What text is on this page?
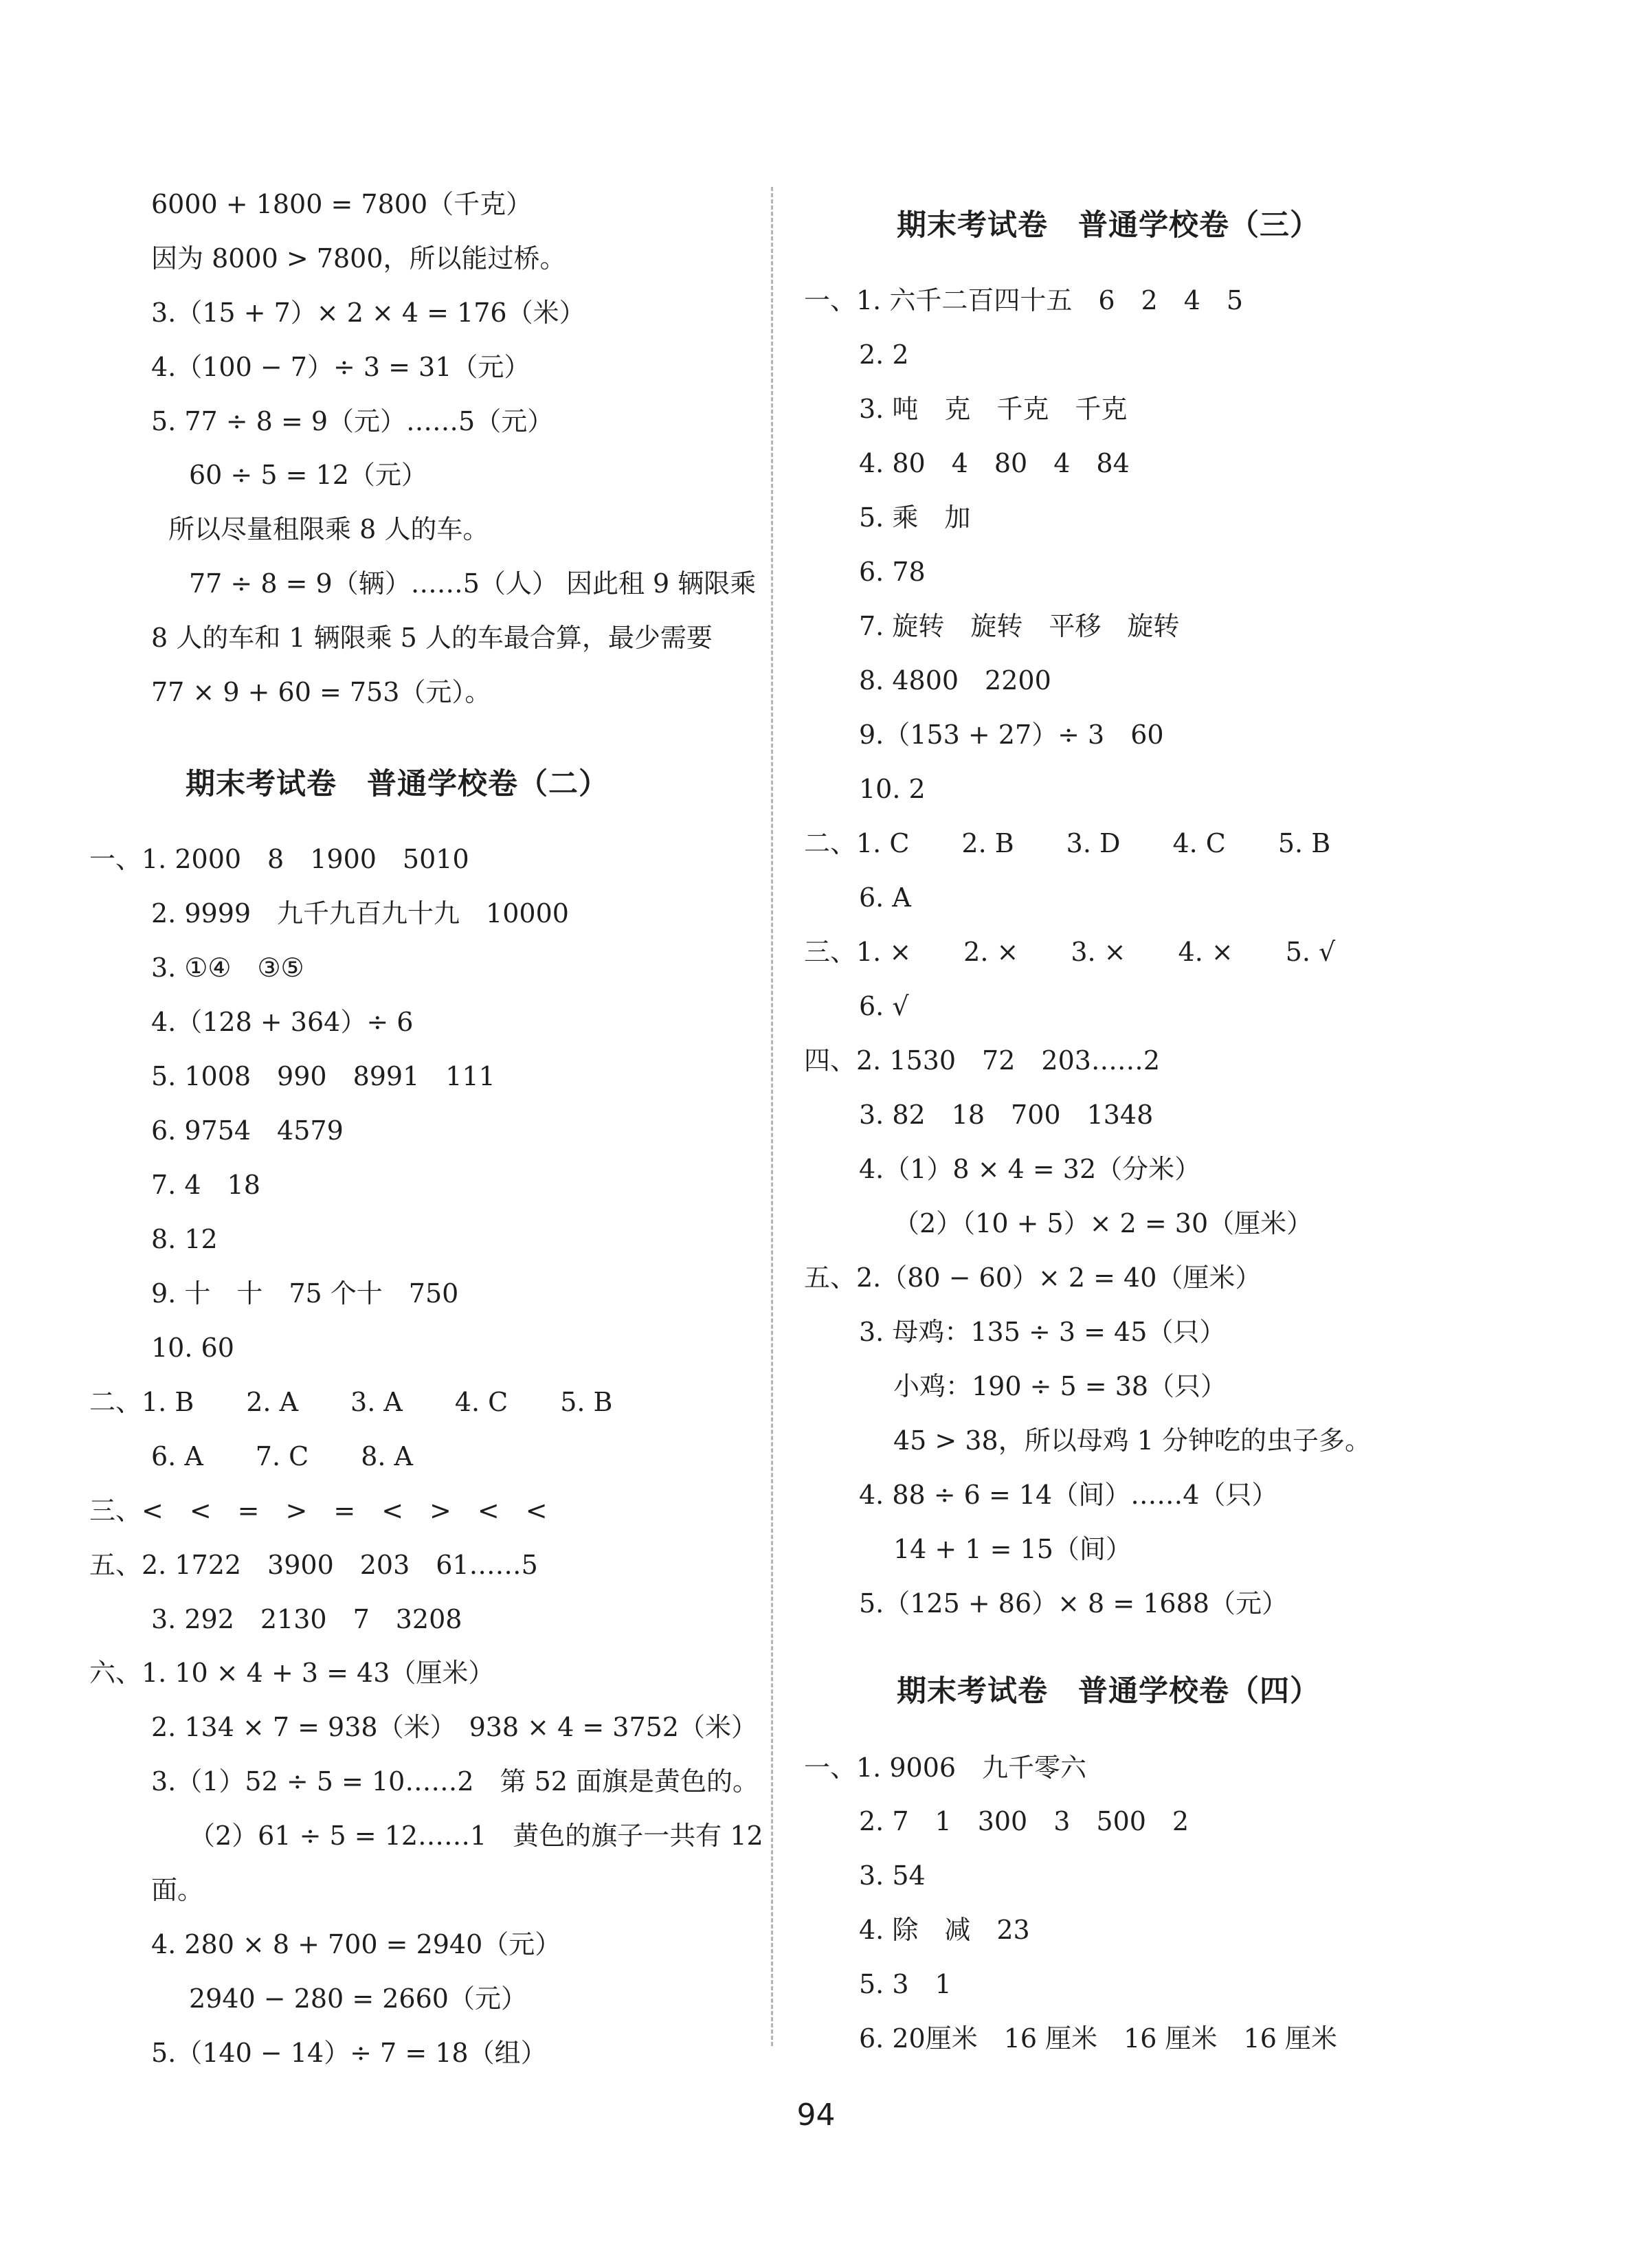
6000 + 1800 = 7800（千克）
因为 8000 > 7800，所以能过桥。
3.（15 + 7）× 2 × 4 = 176（米）
4.（100 − 7）÷ 3 = 31（元）
5. 77 ÷ 8 = 9（元）……5（元）
60 ÷ 5 = 12（元）
所以尽量租限乘 8 人的车。
77 ÷ 8 = 9（辆）……5（人） 因此租 9 辆限乘
8 人的车和 1 辆限乘 5 人的车最合算，最少需要
77 × 9 + 60 = 753（元）。
期末考试卷　普通学校卷（二）
一、1. 2000　8　1900　5010
2. 9999　九千九百九十九　10000
3. ①④　③⑤
4.（128 + 364）÷ 6
5. 1008　990　8991　111
6. 9754　4579
7. 4　18
8. 12
9. 十　十　75 个十　750
10. 60
二、1. B　　2. A　　3. A　　4. C　　5. B
6. A　　7. C　　8. A
三、<　<　=　>　=　<　>　<　<
五、2. 1722　3900　203　61……5
3. 292　2130　7　3208
六、1. 10 × 4 + 3 = 43（厘米）
2. 134 × 7 = 938（米）　938 × 4 = 3752（米）
3.（1）52 ÷ 5 = 10……2　第 52 面旗是黄色的。
（2）61 ÷ 5 = 12……1　黄色的旗子一共有 12
面。
4. 280 × 8 + 700 = 2940（元）
2940 − 280 = 2660（元）
5.（140 − 14）÷ 7 = 18（组）
期末考试卷　普通学校卷（三）
一、1. 六千二百四十五　6　2　4　5
2. 2
3. 吨　克　千克　千克
4. 80　4　80　4　84
5. 乘　加
6. 78
7. 旋转　旋转　平移　旋转
8. 4800　2200
9.（153 + 27）÷ 3　60
10. 2
二、1. C　　2. B　　3. D　　4. C　　5. B
6. A
三、1. ×　　2. ×　　3. ×　　4. ×　　5. √
6. √
四、2. 1530　72　203……2
3. 82　18　700　1348
4.（1）8 × 4 = 32（分米）
（2）（10 + 5）× 2 = 30（厘米）
五、2.（80 − 60）× 2 = 40（厘米）
3. 母鸡：135 ÷ 3 = 45（只）
小鸡：190 ÷ 5 = 38（只）
45 > 38，所以母鸡 1 分钟吃的虫子多。
4. 88 ÷ 6 = 14（间）……4（只）
14 + 1 = 15（间）
5.（125 + 86）× 8 = 1688（元）
期末考试卷　普通学校卷（四）
一、1. 9006　九千零六
2. 7　1　300　3　500　2
3. 54
4. 除　减　23
5. 3　1
6. 20厘米　16 厘米　16 厘米　16 厘米
94
